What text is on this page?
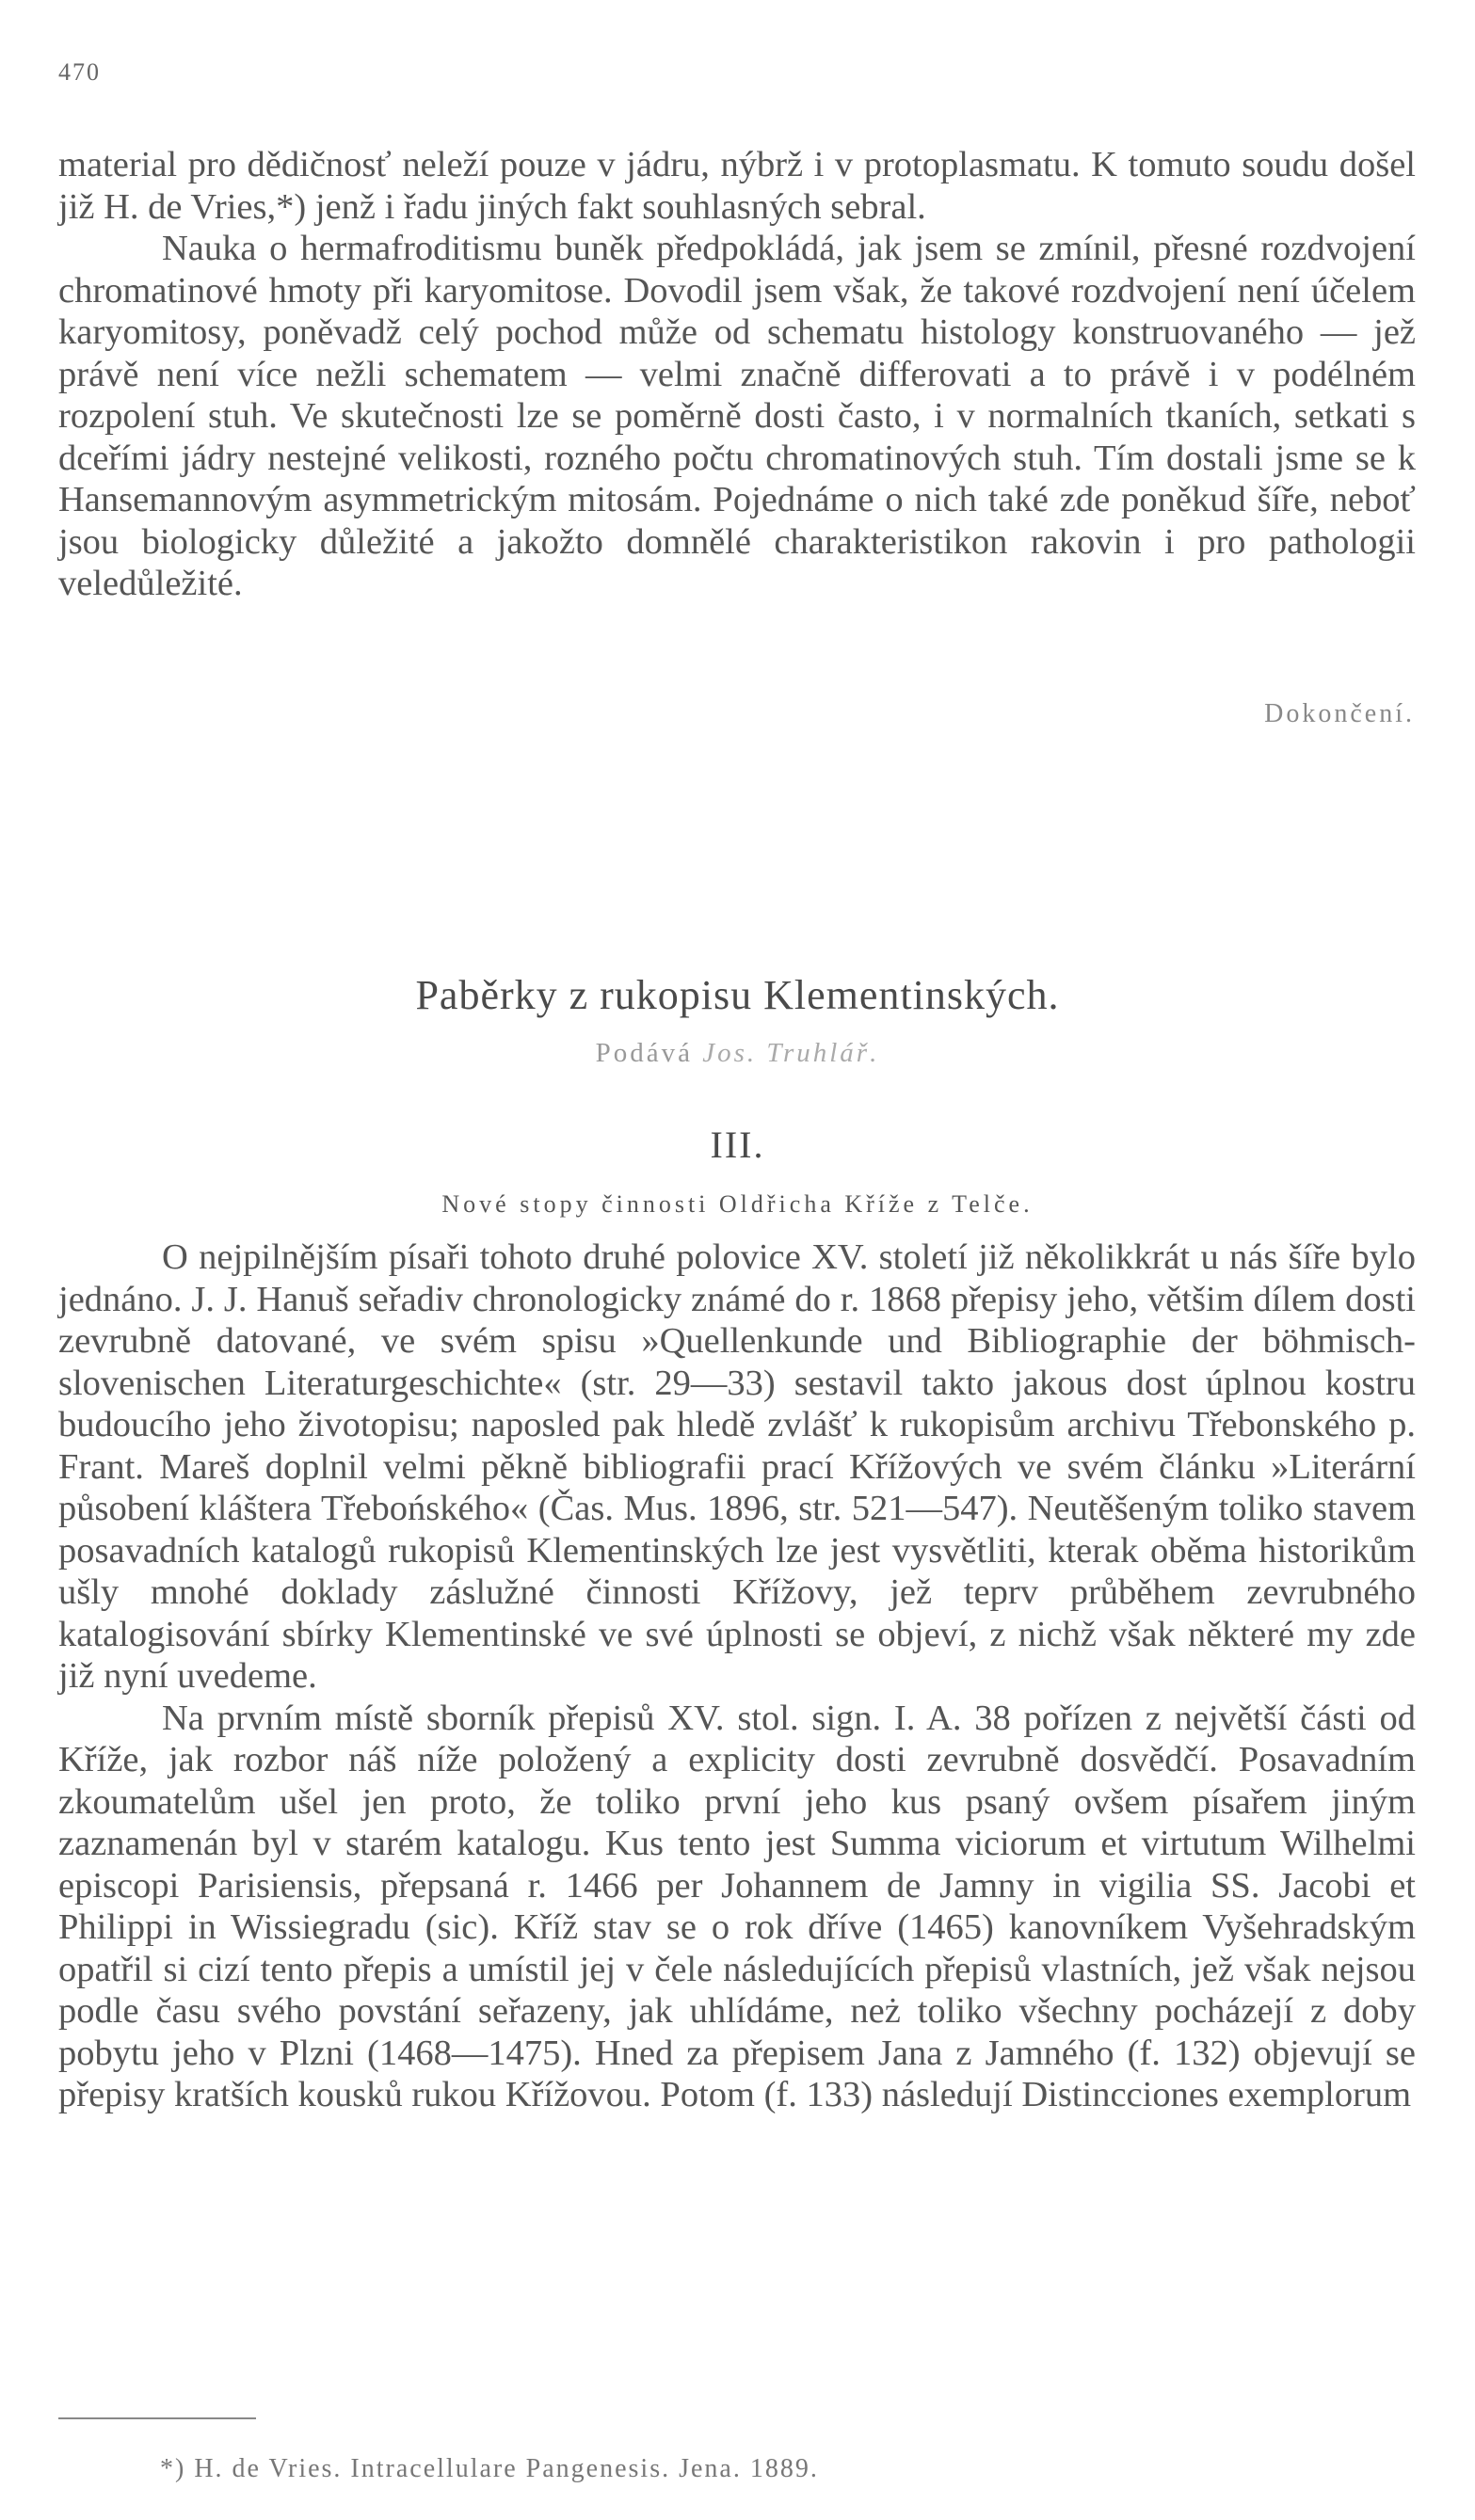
470

material pro dědičnosť neleží pouze v jádru, nýbrž i v protoplasmatu. K tomuto soudu došel již H. de Vries,*) jenž i řadu jiných fakt souhlasných sebral.

Nauka o hermafroditismu buněk předpokládá, jak jsem se zmínil, přesné rozdvojení chromatinové hmoty při karyomitose. Dovodil jsem však, že takové rozdvojení není účelem karyomitosy, poněvadž celý pochod může od schematu histology konstruovaného — jež právě není více nežli schematem — velmi značně differovati a to právě i v podélném rozpolení stuh. Ve skutečnosti lze se poměrně dosti často, i v normalních tkaních, setkati s dceřími jádry nestejné velikosti, rozného počtu chromatinových stuh. Tím dostali jsme se k Hansemannovým asymmetrickým mitosám. Pojednáme o nich také zde poněkud šíře, neboť jsou biologicky důležité a jakožto domnělé charakteristikon rakovin i pro pathologii veledůležité.

Dokončení.
Paběrky z rukopisu Klementinských.
Podává Jos. Truhlář.
III.
Nové stopy činnosti Oldřicha Kříže z Telče.

O nejpilnějším písaři tohoto druhé polovice XV. století již několikkrát u nás šíře bylo jednáno. J. J. Hanuš seřadiv chronologicky známé do r. 1868 přepisy jeho, většim dílem dosti zevrubně datované, ve svém spisu »Quellenkunde und Bibliographie der böhmisch-slovenischen Literaturgeschichte« (str. 29—33) sestavil takto jakous dost úplnou kostru budoucího jeho životopisu; naposled pak hledě zvlášť k rukopisům archivu Třebonského p. Frant. Mareš doplnil velmi pěkně bibliografii prací Křížových ve svém článku »Literární působení kláštera Třebońského« (Čas. Mus. 1896, str. 521—547). Neutěšeným toliko stavem posavadních katalogů rukopisů Klementinských lze jest vysvětliti, kterak oběma historikům ušly mnohé doklady záslužné činnosti Křížovy, jež teprv průběhem zevrubného katalogisování sbírky Klementinské ve své úplnosti se objeví, z nichž však některé my zde již nyní uvedeme.

Na prvním místě sborník přepisů XV. stol. sign. I. A. 38 pořízen z největší části od Kříže, jak rozbor náš níže položený a explicity dosti zevrubně dosvědčí. Posavadním zkoumatelům ušel jen proto, že toliko první jeho kus psaný ovšem písařem jiným zaznamenán byl v starém katalogu. Kus tento jest Summa viciorum et virtutum Wilhelmi episcopi Parisiensis, přepsaná r. 1466 per Johannem de Jamny in vigilia SS. Jacobi et Philippi in Wissiegradu (sic). Kříž stav se o rok dříve (1465) kanovníkem Vyšehradským opatřil si cizí tento přepis a umístil jej v čele následujících přepisů vlastních, jež však nejsou podle času svého povstání seřazeny, jak uhlídáme, neż toliko všechny pocházejí z doby pobytu jeho v Plzni (1468—1475). Hned za přepisem Jana z Jamného (f. 132) objevují se přepisy kratších kousků rukou Křížovou. Potom (f. 133) následují Distincciones exemplorum

*) H. de Vries. Intracellulare Pangenesis. Jena. 1889.
